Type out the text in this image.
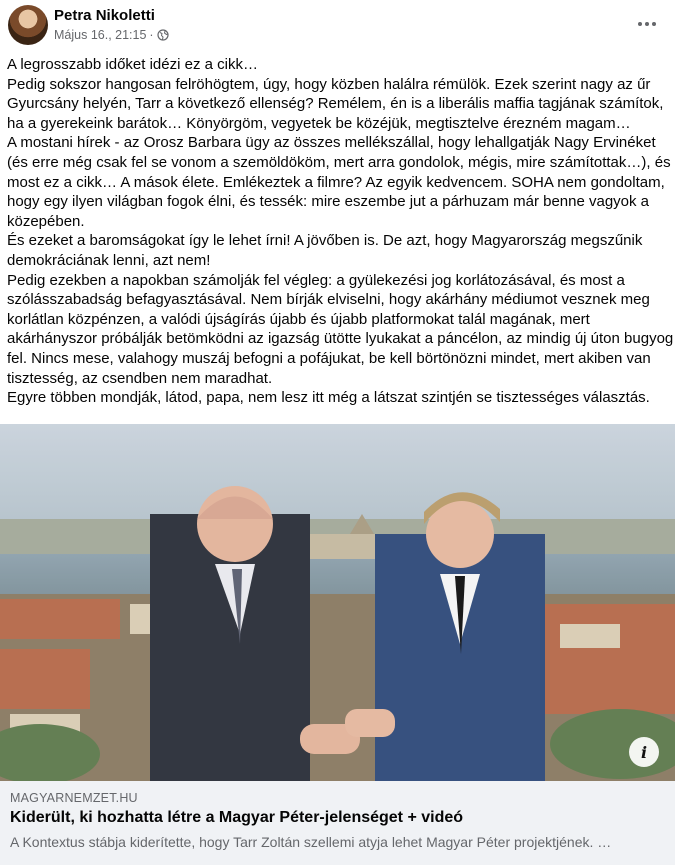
Petra Nikoletti
Május 16., 21:15 ·

A legrosszabb időket idézi ez a cikk…
Pedig sokszor hangosan felröhögtem, úgy, hogy közben halálra rémülök. Ezek szerint nagy az űr Gyurcsány helyén, Tarr a következő ellenség? Remélem, én is a liberális maffia tagjának számítok, ha a gyerekeink barátok… Könyörgöm, vegyetek be közéjük, megtisztelve érezném magam…
A mostani hírek - az Orosz Barbara ügy az összes mellékszállal, hogy lehallgatják Nagy Ervinéket (és erre még csak fel se vonom a szemöldököm, mert arra gondolok, mégis, mire számítottak…), és most ez a cikk… A mások élete. Emlékeztek a filmre? Az egyik kedvencem. SOHA nem gondoltam, hogy egy ilyen világban fogok élni, és tessék: mire eszembe jut a párhuzam már benne vagyok a közepében.
És ezeket a baromságokat így le lehet írni! A jövőben is. De azt, hogy Magyarország megszűnik demokráciának lenni, azt nem!
Pedig ezekben a napokban számolják fel végleg: a gyülekezési jog korlátozásával, és most a szólásszabadság befagyasztásával. Nem bírják elviselni, hogy akárhány médiumot vesznek meg korlátlan közpénzen, a valódi újságírás újabb és újabb platformokat talál magának, mert akárhányszor próbálják betömködni az igazság ütötte lyukakat a páncélon, az mindig új úton bugyog fel. Nincs mese, valahogy muszáj befogni a pofájukat, be kell börtönözni mindet, mert akiben van tisztesség, az csendben nem maradhat.
Egyre többen mondják, látod, papa, nem lesz itt még a látszat szintjén se tisztességes választás.

i
MAGYARNEMZET.HU
Kiderült, ki hozhatta létre a Magyar Péter-jelenséget + videó
A Kontextus stábja kiderítette, hogy Tarr Zoltán szellemi atyja lehet Magyar Péter projektjének. …
